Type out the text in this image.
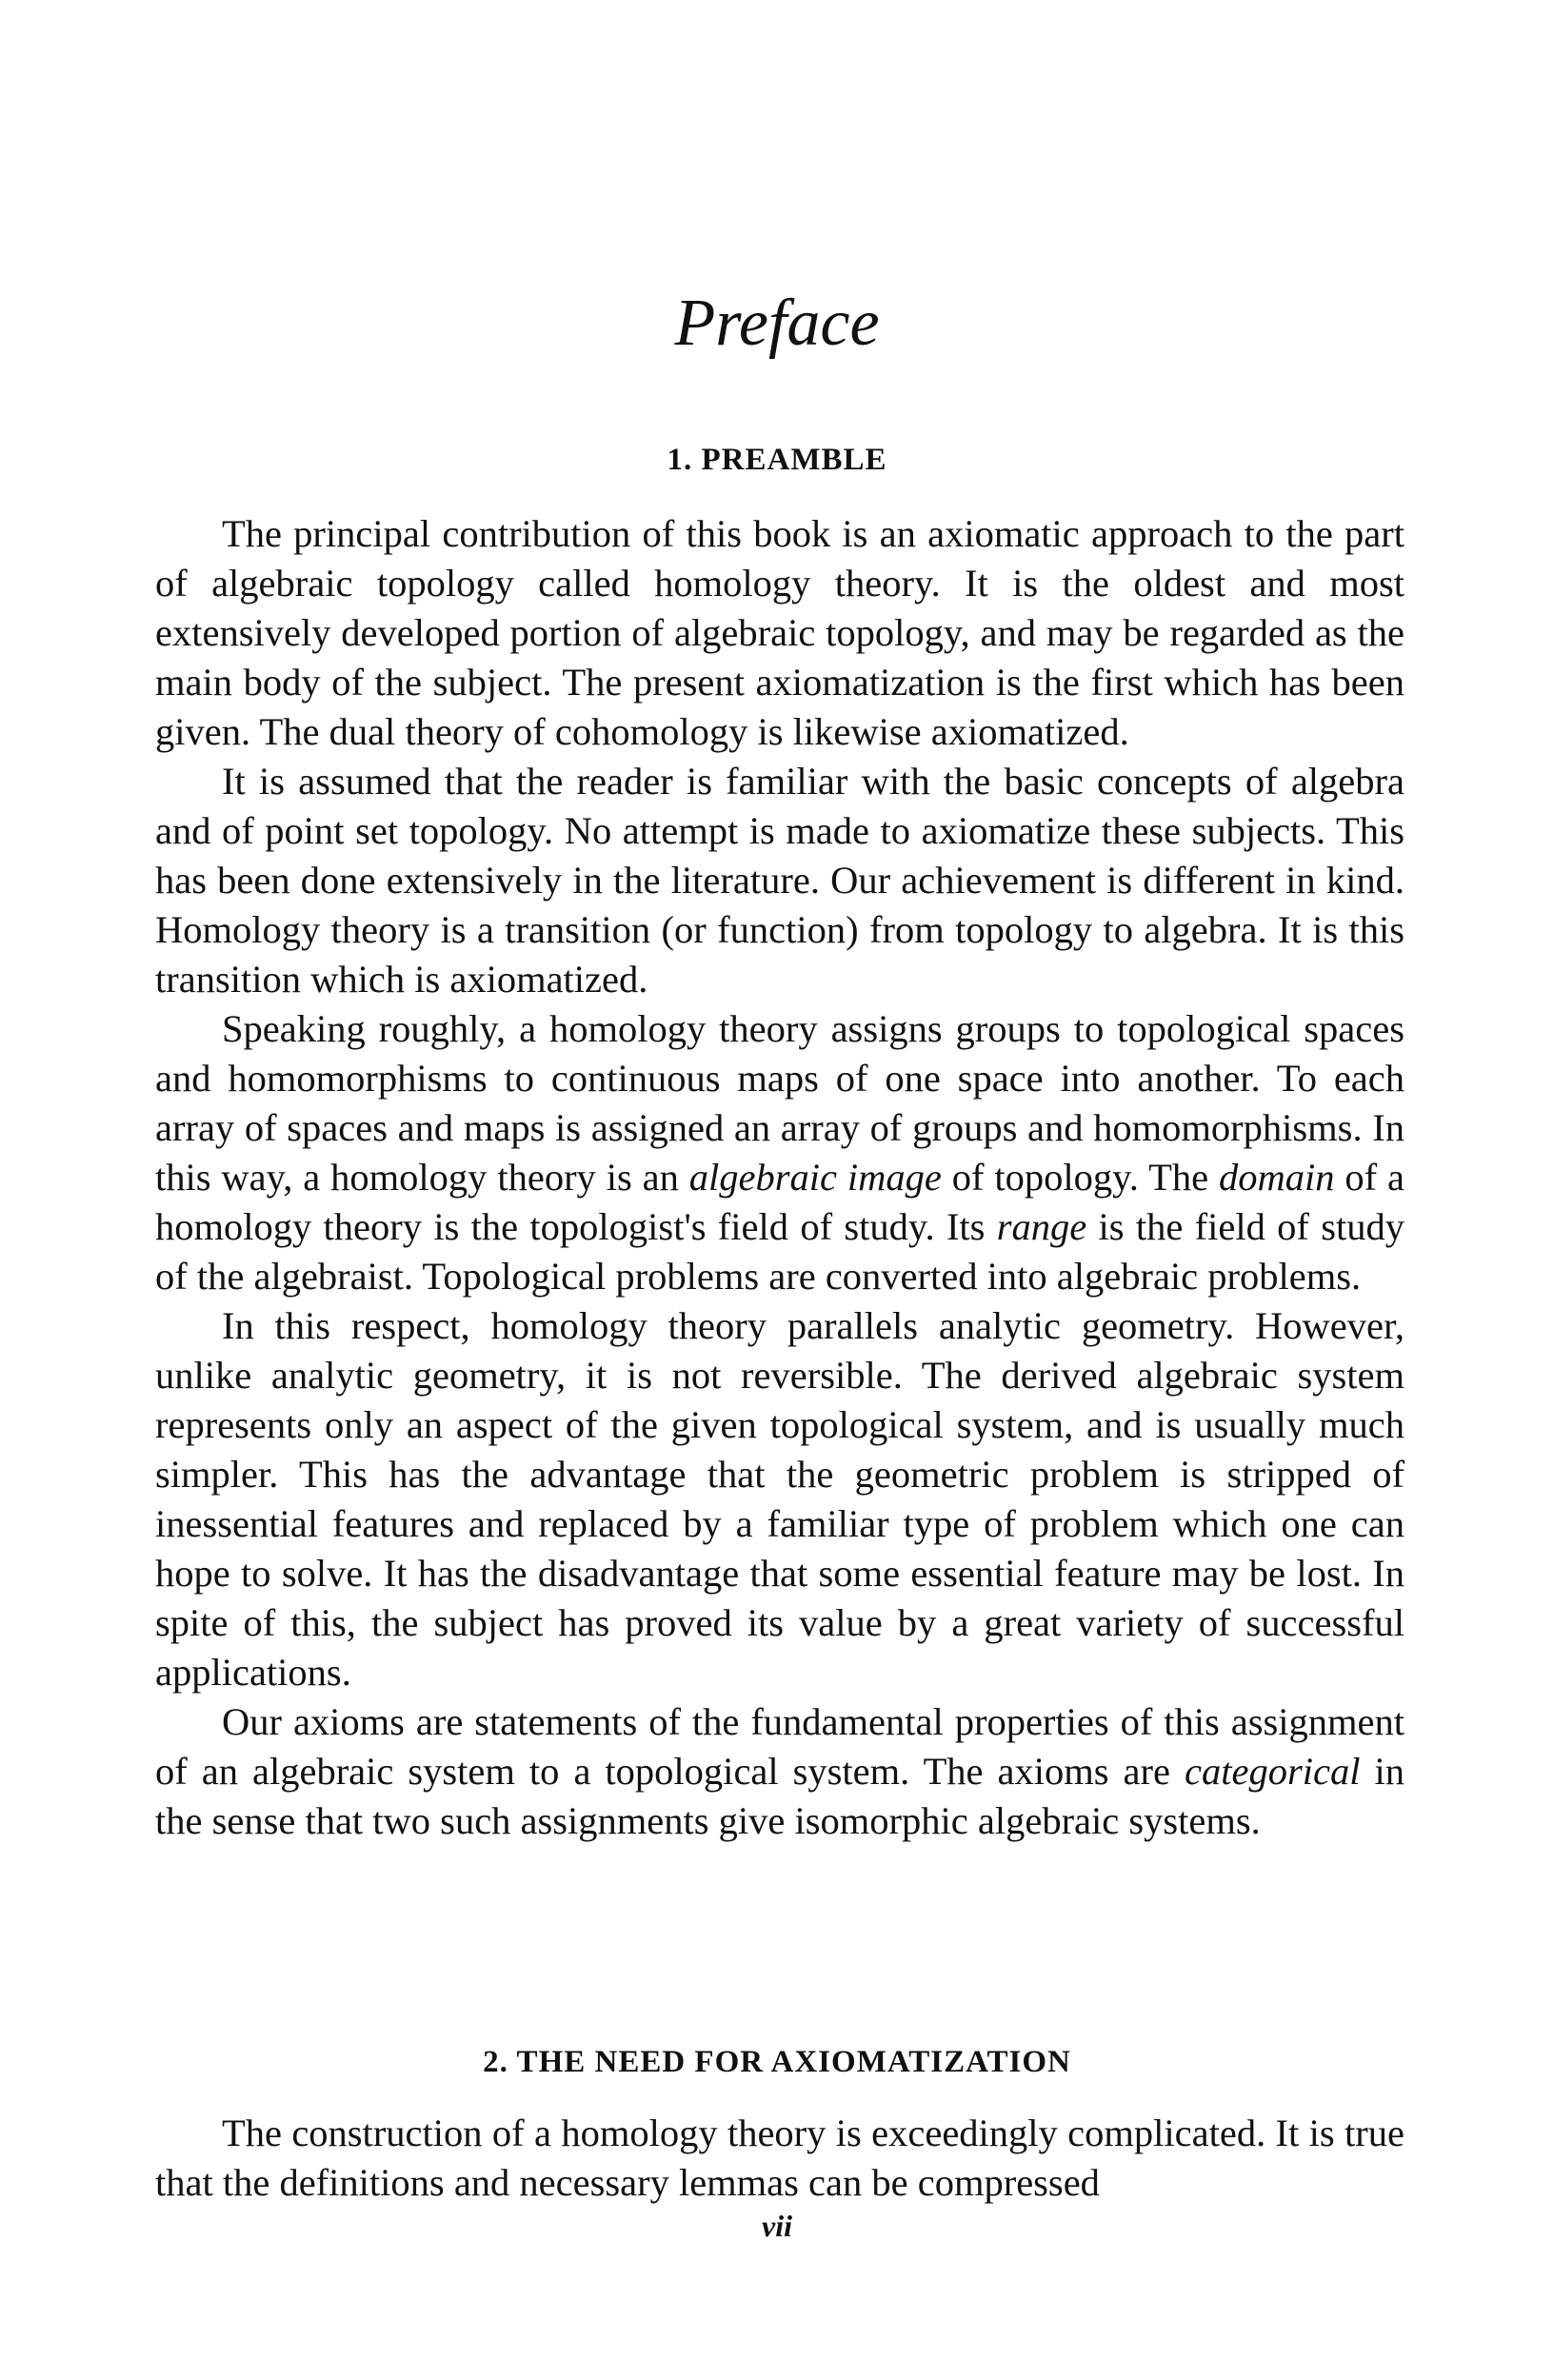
Preface
1. PREAMBLE

The principal contribution of this book is an axiomatic approach to the part of algebraic topology called homology theory. It is the oldest and most extensively developed portion of algebraic topology, and may be regarded as the main body of the subject. The present axiomatization is the first which has been given. The dual theory of cohomology is likewise axiomatized.

It is assumed that the reader is familiar with the basic concepts of algebra and of point set topology. No attempt is made to axiomatize these subjects. This has been done extensively in the literature. Our achievement is different in kind. Homology theory is a transition (or function) from topology to algebra. It is this transition which is axiomatized.

Speaking roughly, a homology theory assigns groups to topological spaces and homomorphisms to continuous maps of one space into another. To each array of spaces and maps is assigned an array of groups and homomorphisms. In this way, a homology theory is an algebraic image of topology. The domain of a homology theory is the topologist's field of study. Its range is the field of study of the algebraist. Topological problems are converted into algebraic problems.

In this respect, homology theory parallels analytic geometry. However, unlike analytic geometry, it is not reversible. The derived algebraic system represents only an aspect of the given topological system, and is usually much simpler. This has the advantage that the geometric problem is stripped of inessential features and replaced by a familiar type of problem which one can hope to solve. It has the disadvantage that some essential feature may be lost. In spite of this, the subject has proved its value by a great variety of successful applications.

Our axioms are statements of the fundamental properties of this assignment of an algebraic system to a topological system. The axioms are categorical in the sense that two such assignments give isomorphic algebraic systems.

2. THE NEED FOR AXIOMATIZATION

The construction of a homology theory is exceedingly complicated. It is true that the definitions and necessary lemmas can be compressed

vii
